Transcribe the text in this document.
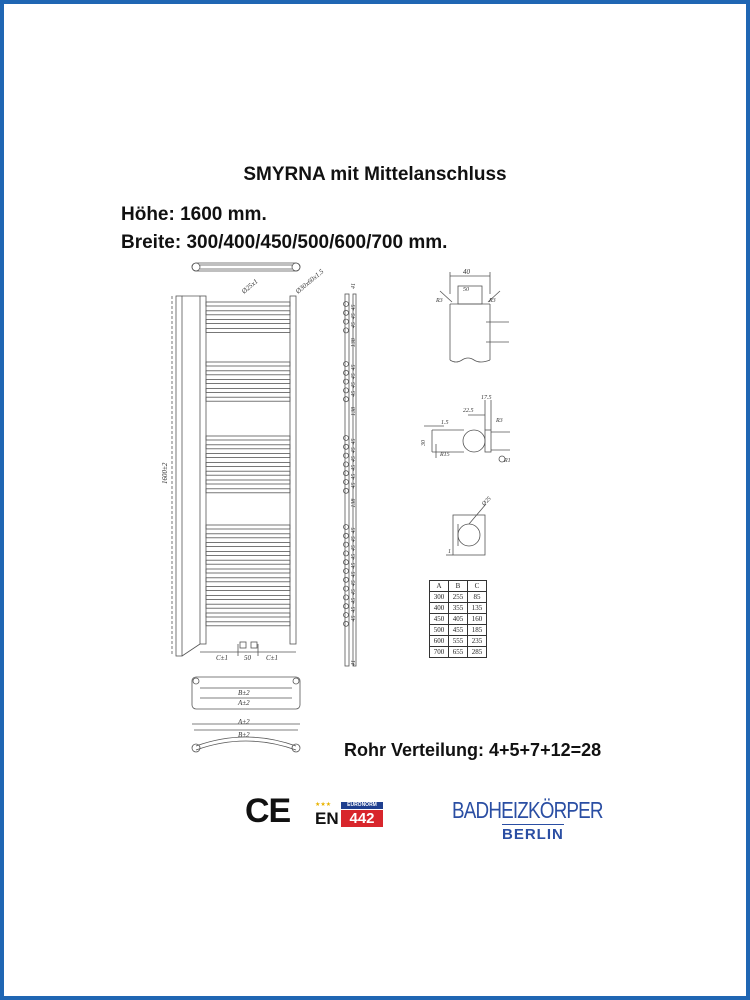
SMYRNA mit Mittelanschluss
Höhe: 1600 mm.
Breite: 300/400/450/500/600/700 mm.
Ø25x1	Ø30x60x1.5
1600±2
C±1 50 C±1
40
50
R3	R3
17.5
22.5
1.5
30
R15
R3
R1
Ø25
1
B±2
A±2
A±2
B±2
45
45
45
138
45
45
45
45
138
45
45
45
45
45
45
138
45
45
45
45
45
45
45
45
45
45
45
41
41
A	B	C
300	255	85
400	355	135
450	405	160
500	455	185
600	555	235
700	655	285
Rohr Verteilung: 4+5+7+12=28
CE	★★★	EURONORM
EN 442	BADHEIZKÖRPER
BERLIN
